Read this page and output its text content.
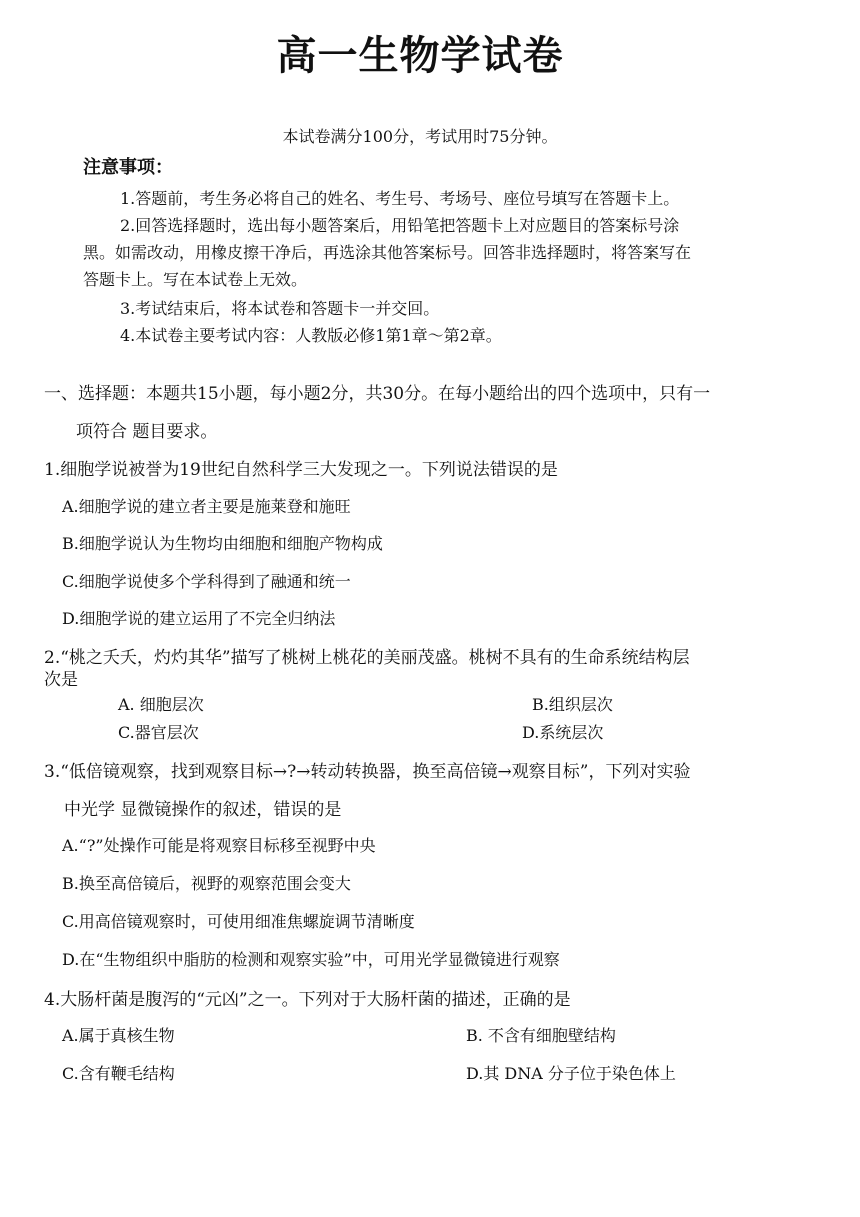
高一生物学试卷
本试卷满分100分，考试用时75分钟。
注意事项：
1.答题前，考生务必将自己的姓名、考生号、考场号、座位号填写在答题卡上。
2.回答选择题时，选出每小题答案后，用铅笔把答题卡上对应题目的答案标号涂
黑。如需改动，用橡皮擦干净后，再选涂其他答案标号。回答非选择题时，将答案写在
答题卡上。写在本试卷上无效。
3.考试结束后，将本试卷和答题卡一并交回。
4.本试卷主要考试内容：人教版必修1第1章～第2章。
一、选择题：本题共15小题，每小题2分，共30分。在每小题给出的四个选项中，只有一
项符合 题目要求。
1.细胞学说被誉为19世纪自然科学三大发现之一。下列说法错误的是
A.细胞学说的建立者主要是施莱登和施旺
B.细胞学说认为生物均由细胞和细胞产物构成
C.细胞学说使多个学科得到了融通和统一
D.细胞学说的建立运用了不完全归纳法
2.“桃之夭夭，灼灼其华”描写了桃树上桃花的美丽茂盛。桃树不具有的生命系统结构层
次是
A. 细胞层次	B.组织层次
C.器官层次	D.系统层次
3.“低倍镜观察，找到观察目标→?→转动转换器，换至高倍镜→观察目标”，下列对实验
中光学 显微镜操作的叙述，错误的是
A.“?”处操作可能是将观察目标移至视野中央
B.换至高倍镜后，视野的观察范围会变大
C.用高倍镜观察时，可使用细准焦螺旋调节清晰度
D.在“生物组织中脂肪的检测和观察实验”中，可用光学显微镜进行观察
4.大肠杆菌是腹泻的“元凶”之一。下列对于大肠杆菌的描述，正确的是
A.属于真核生物	B. 不含有细胞壁结构
C.含有鞭毛结构	D.其 DNA 分子位于染色体上
